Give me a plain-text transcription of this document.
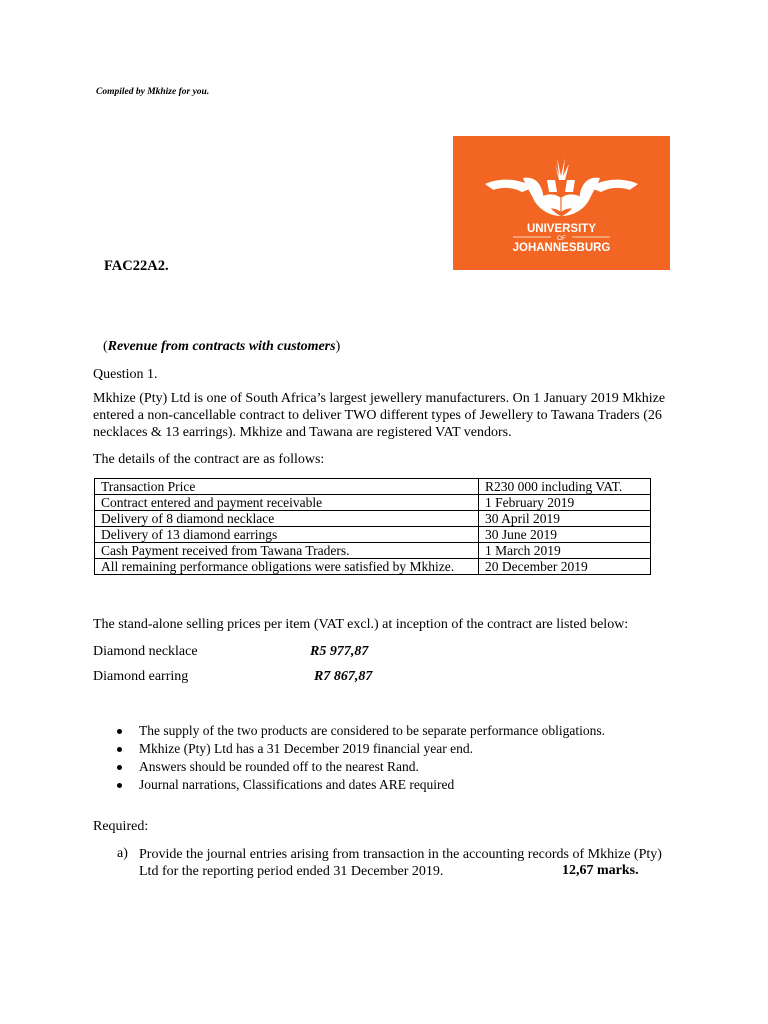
Compiled by Mkhize for you.
UNIVERSITY
OF
JOHANNESBURG
FAC22A2.
(Revenue from contracts with customers)
Question 1.
Mkhize (Pty) Ltd is one of South Africa’s largest jewellery manufacturers. On 1 January 2019 Mkhize entered a non-cancellable contract to deliver TWO different types of Jewellery to Tawana Traders (26 necklaces & 13 earrings). Mkhize and Tawana are registered VAT vendors.
The details of the contract are as follows:
Transaction Price	R230 000 including VAT.
Contract entered and payment receivable	1 February 2019
Delivery of 8 diamond necklace	30 April 2019
Delivery of 13 diamond earrings	30 June 2019
Cash Payment received from Tawana Traders.	1 March 2019
All remaining performance obligations were satisfied by Mkhize.	20 December 2019
The stand-alone selling prices per item (VAT excl.) at inception of the contract are listed below:
Diamond necklace	R5 977,87
Diamond earring	R7 867,87
The supply of the two products are considered to be separate performance obligations.
Mkhize (Pty) Ltd has a 31 December 2019 financial year end.
Answers should be rounded off to the nearest Rand.
Journal narrations, Classifications and dates ARE required
Required:
a) Provide the journal entries arising from transaction in the accounting records of Mkhize (Pty) Ltd for the reporting period ended 31 December 2019.	12,67 marks.
